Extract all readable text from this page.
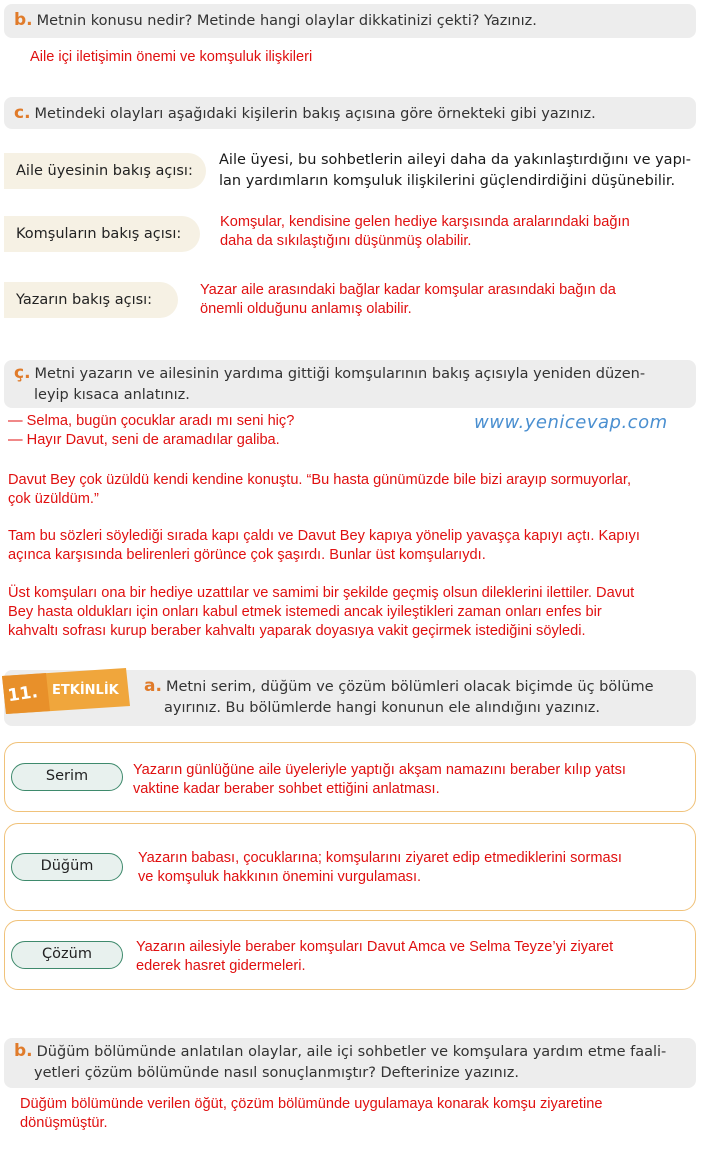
b. Metnin konusu nedir? Metinde hangi olaylar dikkatinizi çekti? Yazınız.
Aile içi iletişimin önemi ve komşuluk ilişkileri
c. Metindeki olayları aşağıdaki kişilerin bakış açısına göre örnekteki gibi yazınız.
Aile üyesinin bakış açısı:
Aile üyesi, bu sohbetlerin aileyi daha da yakınlaştırdığını ve yapı-
lan yardımların komşuluk ilişkilerini güçlendirdiğini düşünebilir.
Komşuların bakış açısı:
Komşular, kendisine gelen hediye karşısında aralarındaki bağın
daha da sıkılaştığını düşünmüş olabilir.
Yazarın bakış açısı:
Yazar aile arasındaki bağlar kadar komşular arasındaki bağın da
önemli olduğunu anlamış olabilir.
ç. Metni yazarın ve ailesinin yardıma gittiği komşularının bakış açısıyla yeniden düzen-
leyip kısaca anlatınız.
www.yenicevap.com
— Selma, bugün çocuklar aradı mı seni hiç?
— Hayır Davut, seni de aramadılar galiba.
Davut Bey çok üzüldü kendi kendine konuştu. “Bu hasta günümüzde bile bizi arayıp sormuyorlar,
çok üzüldüm.”
Tam bu sözleri söylediği sırada kapı çaldı ve Davut Bey kapıya yönelip yavaşça kapıyı açtı. Kapıyı
açınca karşısında belirenleri görünce çok şaşırdı. Bunlar üst komşularıydı.
Üst komşuları ona bir hediye uzattılar ve samimi bir şekilde geçmiş olsun dileklerini ilettiler. Davut
Bey hasta oldukları için onları kabul etmek istemedi ancak iyileştikleri zaman onları enfes bir
kahvaltı sofrası kurup beraber kahvaltı yaparak doyasıya vakit geçirmek istediğini söyledi.
a. Metni serim, düğüm ve çözüm bölümleri olacak biçimde üç bölüme
ayırınız. Bu bölümlerde hangi konunun ele alındığını yazınız.
11. ETKİNLİK
Serim	Yazarın günlüğüne aile üyeleriyle yaptığı akşam namazını beraber kılıp yatsı
vaktine kadar beraber sohbet ettiğini anlatması.
Düğüm	Yazarın babası, çocuklarına; komşularını ziyaret edip etmediklerini sorması
ve komşuluk hakkının önemini vurgulaması.
Çözüm	Yazarın ailesiyle beraber komşuları Davut Amca ve Selma Teyze’yi ziyaret
ederek hasret gidermeleri.
b. Düğüm bölümünde anlatılan olaylar, aile içi sohbetler ve komşulara yardım etme faali-
yetleri çözüm bölümünde nasıl sonuçlanmıştır? Defterinize yazınız.
Düğüm bölümünde verilen öğüt, çözüm bölümünde uygulamaya konarak komşu ziyaretine
dönüşmüştür.
